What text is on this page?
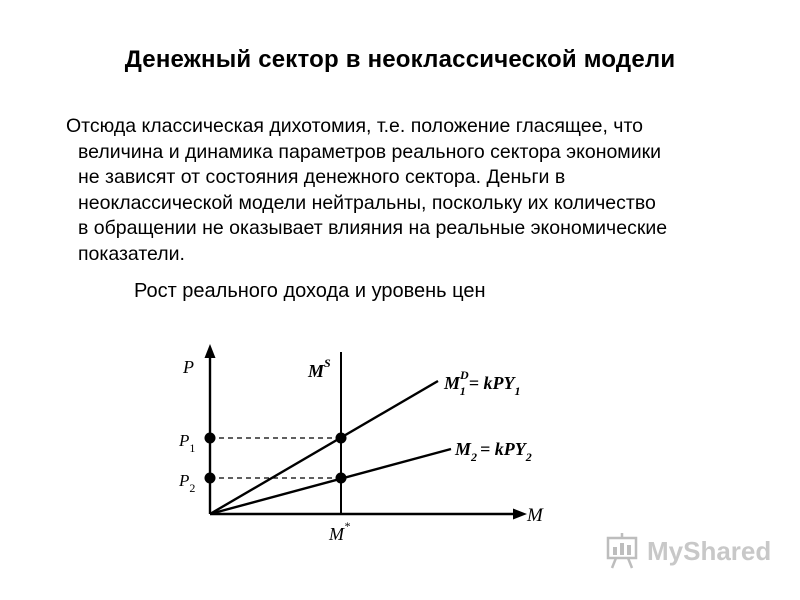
Денежный сектор в неоклассической модели

Отсюда классическая дихотомия, т.е. положение гласящее, что
величина и динамика параметров реального сектора экономики
не зависят от состояния денежного сектора. Деньги в
неоклассической модели нейтральны, поскольку их количество
в обращении не оказывает влияния на реальные экономические
показатели.

Рост реального дохода и уровень цен
P
M
$M^S$
$P_1$
$P_2$
M*
$M^D$ 1 = kPY$_1$
$M_2 = kPY_2$
MyShared
